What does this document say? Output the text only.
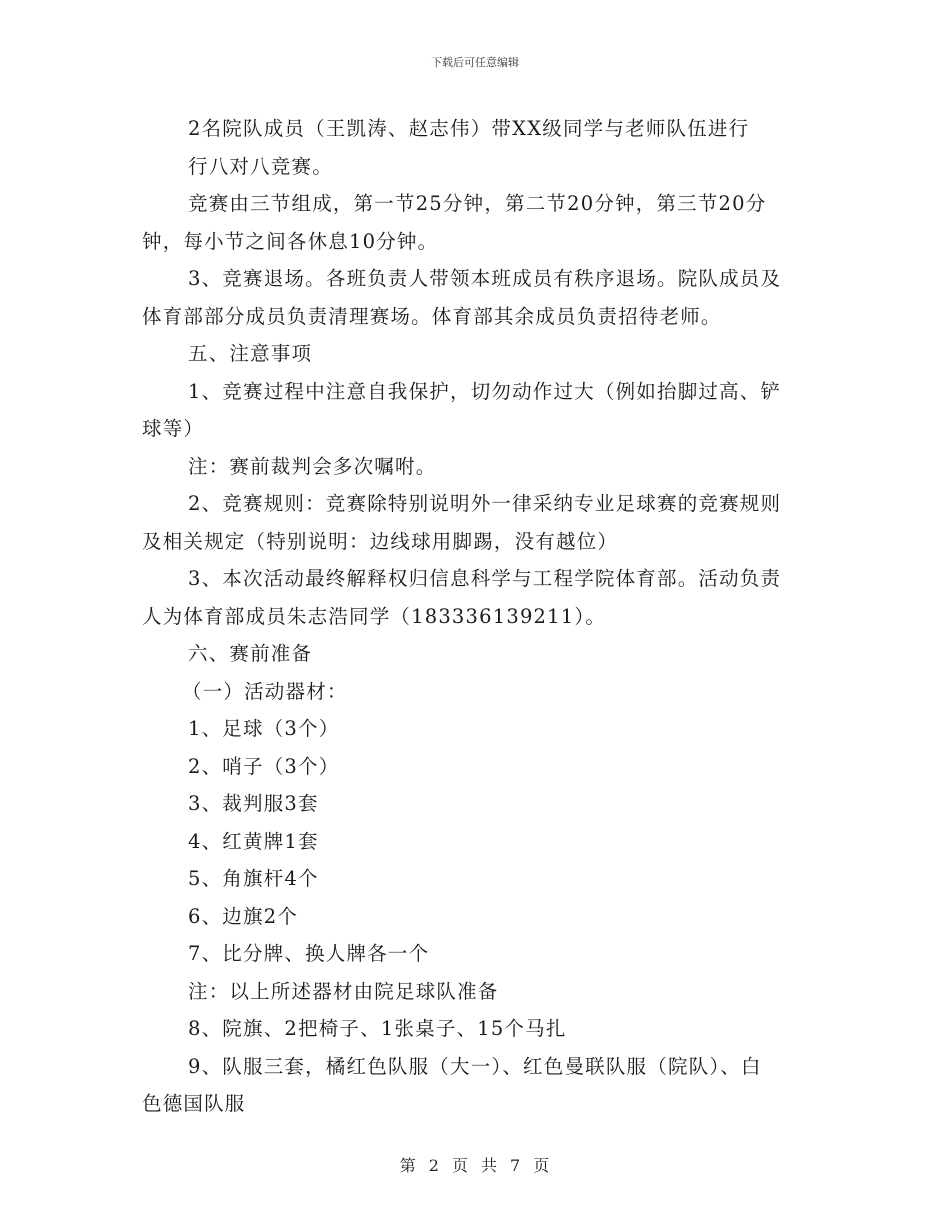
下载后可任意编辑

2名院队成员（王凯涛、赵志伟）带XX级同学与老师队伍进行

行八对八竞赛。

竞赛由三节组成，第一节25分钟，第二节20分钟，第三节20分

钟，每小节之间各休息10分钟。

3、竞赛退场。各班负责人带领本班成员有秩序退场。院队成员及

体育部部分成员负责清理赛场。体育部其余成员负责招待老师。

五、注意事项

1、竞赛过程中注意自我保护，切勿动作过大（例如抬脚过高、铲

球等）

注：赛前裁判会多次嘱咐。

2、竞赛规则：竞赛除特别说明外一律采纳专业足球赛的竞赛规则

及相关规定（特别说明：边线球用脚踢，没有越位）

3、本次活动最终解释权归信息科学与工程学院体育部。活动负责

人为体育部成员朱志浩同学（18333613921​1）。

六、赛前准备

（一）活动器材：

1、足球（3个）

2、哨子（3个）

3、裁判服3套

4、红黄牌1套

5、角旗杆4个

6、边旗2个

7、比分牌、换人牌各一个

注：以上所述器材由院足球队准备

8、院旗、2把椅子、1张桌子、15个马扎

9、队服三套，橘红色队服（大一）、红色曼联队服（院队）、白

色德国队服

第 2 页 共 7 页
